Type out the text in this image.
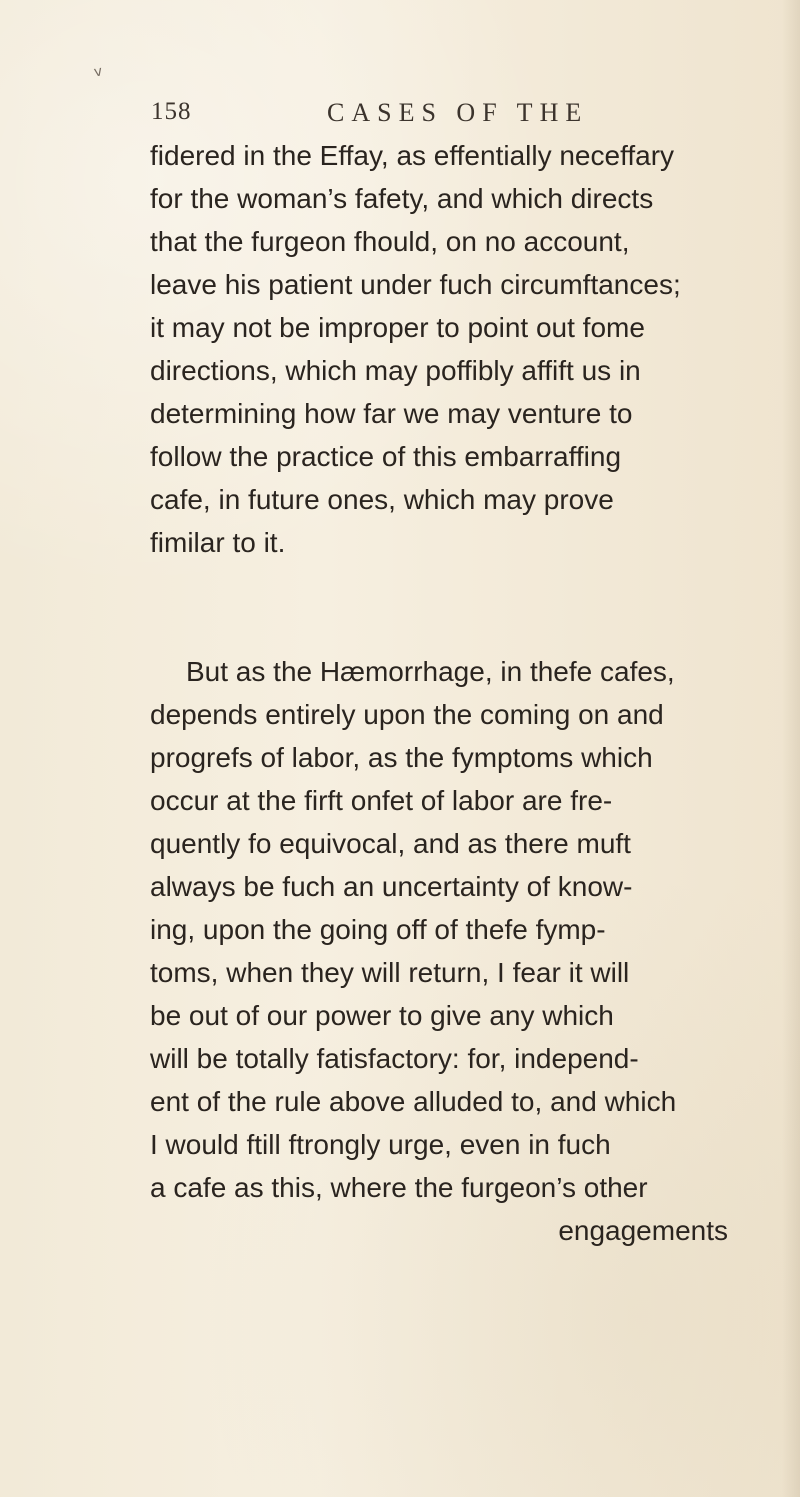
v
158	CASES OF THE
fidered in the Effay, as effentially neceffary
for the woman’s fafety, and which directs
that the furgeon fhould, on no account,
leave his patient under fuch circumftances;
it may not be improper to point out fome
directions, which may poffibly affift us in
determining how far we may venture to
follow the practice of this embarraffing
cafe, in future ones, which may prove
fimilar to it.
But as the Hæmorrhage, in thefe cafes,
depends entirely upon the coming on and
progrefs of labor, as the fymptoms which
occur at the firft onfet of labor are fre-
quently fo equivocal, and as there muft
always be fuch an uncertainty of know-
ing, upon the going off of thefe fymp-
toms, when they will return, I fear it will
be out of our power to give any which
will be totally fatisfactory: for, independ-
ent of the rule above alluded to, and which
I would ftill ftrongly urge, even in fuch
a cafe as this, where the furgeon’s other
engagements
